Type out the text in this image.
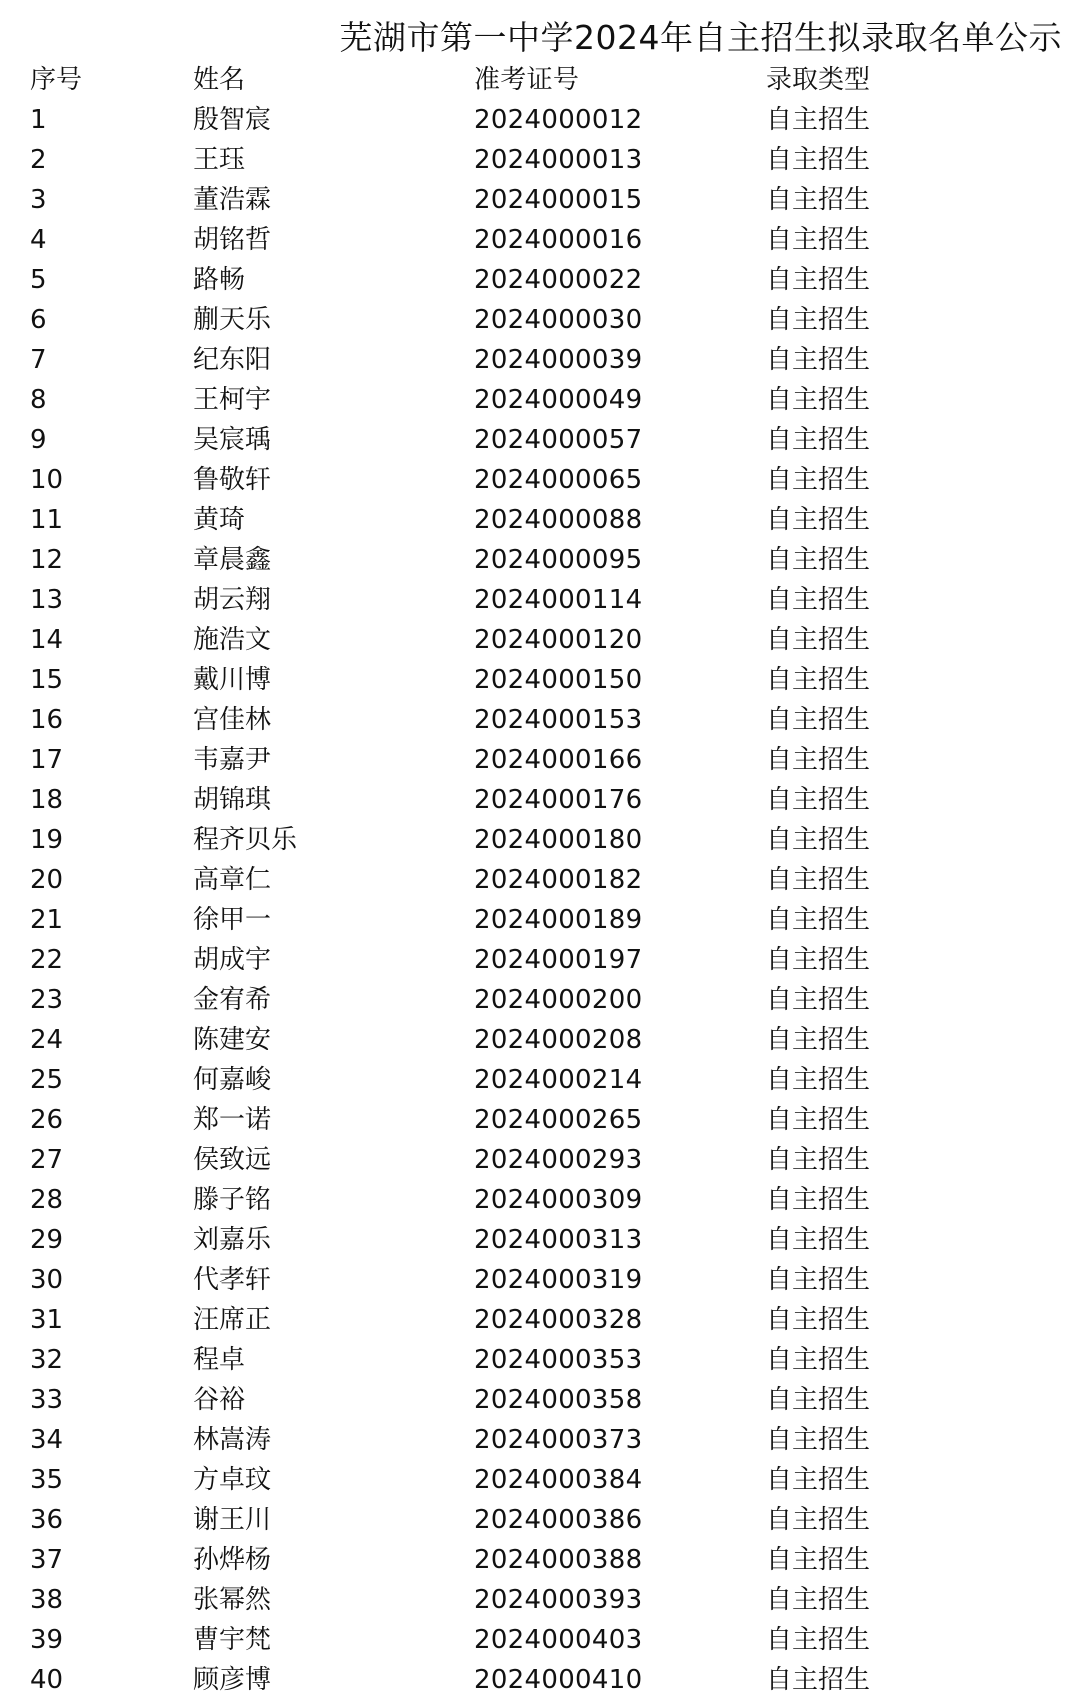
芜湖市第一中学2024年自主招生拟录取名单公示
序号	姓名	准考证号	录取类型
1	殷智宸	2024000012	自主招生
2	王珏	2024000013	自主招生
3	董浩霖	2024000015	自主招生
4	胡铭哲	2024000016	自主招生
5	路畅	2024000022	自主招生
6	蒯天乐	2024000030	自主招生
7	纪东阳	2024000039	自主招生
8	王柯宇	2024000049	自主招生
9	吴宸瑀	2024000057	自主招生
10	鲁敬轩	2024000065	自主招生
11	黄琦	2024000088	自主招生
12	章晨鑫	2024000095	自主招生
13	胡云翔	2024000114	自主招生
14	施浩文	2024000120	自主招生
15	戴川博	2024000150	自主招生
16	宫佳林	2024000153	自主招生
17	韦嘉尹	2024000166	自主招生
18	胡锦琪	2024000176	自主招生
19	程齐贝乐	2024000180	自主招生
20	高章仁	2024000182	自主招生
21	徐甲一	2024000189	自主招生
22	胡成宇	2024000197	自主招生
23	金宥希	2024000200	自主招生
24	陈建安	2024000208	自主招生
25	何嘉峻	2024000214	自主招生
26	郑一诺	2024000265	自主招生
27	侯致远	2024000293	自主招生
28	滕子铭	2024000309	自主招生
29	刘嘉乐	2024000313	自主招生
30	代孝轩	2024000319	自主招生
31	汪席正	2024000328	自主招生
32	程卓	2024000353	自主招生
33	谷裕	2024000358	自主招生
34	林嵩涛	2024000373	自主招生
35	方卓玟	2024000384	自主招生
36	谢王川	2024000386	自主招生
37	孙烨杨	2024000388	自主招生
38	张幂然	2024000393	自主招生
39	曹宇梵	2024000403	自主招生
40	顾彦博	2024000410	自主招生
